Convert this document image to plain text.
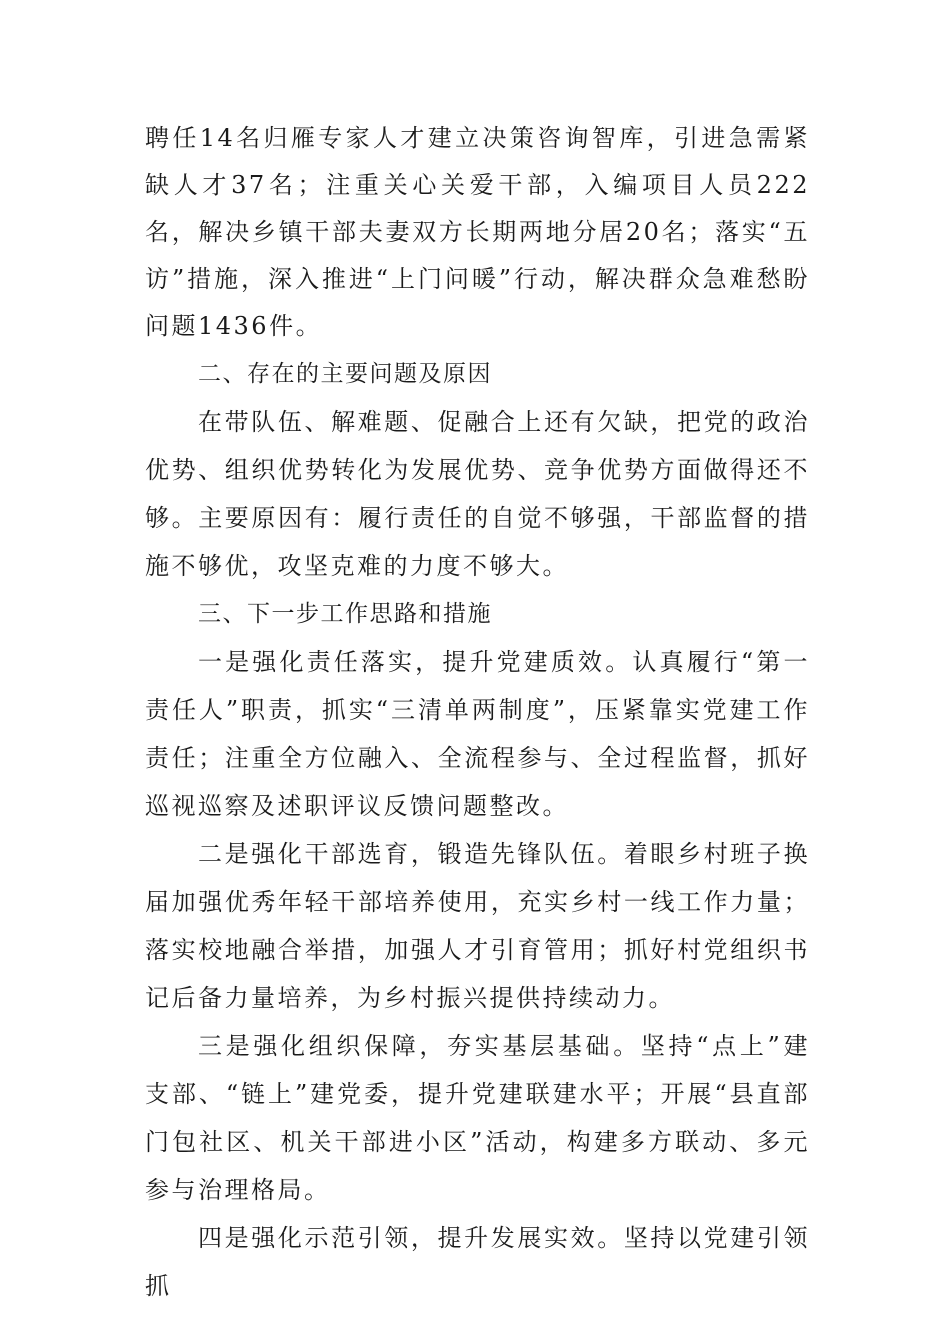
聘任14名归雁专家人才建立决策咨询智库，引进急需紧缺人才37名；注重关心关爱干部，入编项目人员222名，解决乡镇干部夫妻双方长期两地分居20名；落实“五访”措施，深入推进“上门问暖”行动，解决群众急难愁盼问题1436件。

二、存在的主要问题及原因

在带队伍、解难题、促融合上还有欠缺，把党的政治优势、组织优势转化为发展优势、竞争优势方面做得还不够。主要原因有：履行责任的自觉不够强，干部监督的措施不够优，攻坚克难的力度不够大。

三、下一步工作思路和措施

一是强化责任落实，提升党建质效。认真履行“第一责任人”职责，抓实“三清单两制度”，压紧靠实党建工作责任；注重全方位融入、全流程参与、全过程监督，抓好巡视巡察及述职评议反馈问题整改。

二是强化干部选育，锻造先锋队伍。着眼乡村班子换届加强优秀年轻干部培养使用，充实乡村一线工作力量；落实校地融合举措，加强人才引育管用；抓好村党组织书记后备力量培养，为乡村振兴提供持续动力。

三是强化组织保障，夯实基层基础。坚持“点上”建支部、“链上”建党委，提升党建联建水平；开展“县直部门包社区、机关干部进小区”活动，构建多方联动、多元参与治理格局。

四是强化示范引领，提升发展实效。坚持以党建引领抓
